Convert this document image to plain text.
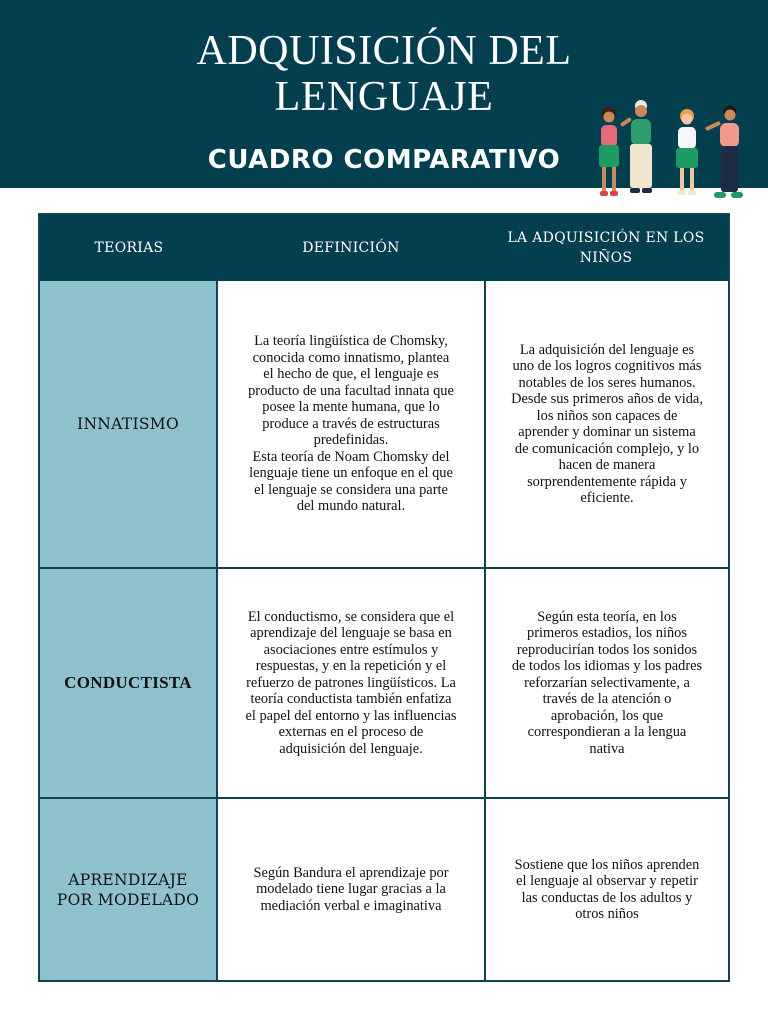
ADQUISICIÓN DEL
LENGUAJE
CUADRO COMPARATIVO
TEORIAS	DEFINICIÓN
LA ADQUISICIÓN EN LOS NIÑOS
INNATISMO
La teoría lingüística de Chomsky,
conocida como innatismo, plantea
el hecho de que, el lenguaje es
producto de una facultad innata que
posee la mente humana, que lo
produce a través de estructuras
predefinidas.
Esta teoría de Noam Chomsky del
lenguaje tiene un enfoque en el que
el lenguaje se considera una parte
del mundo natural.
La adquisición del lenguaje es
uno de los logros cognitivos más
notables de los seres humanos.
Desde sus primeros años de vida,
los niños son capaces de
aprender y dominar un sistema
de comunicación complejo, y lo
hacen de manera
sorprendentemente rápida y
eficiente.
CONDUCTISTA
El conductismo, se considera que el
aprendizaje del lenguaje se basa en
asociaciones entre estímulos y
respuestas, y en la repetición y el
refuerzo de patrones lingüísticos. La
teoría conductista también enfatiza
el papel del entorno y las influencias
externas en el proceso de
adquisición del lenguaje.
Según esta teoría, en los
primeros estadios, los niños
reproducirían todos los sonidos
de todos los idiomas y los padres
reforzarían selectivamente, a
través de la atención o
aprobación, los que
correspondieran a la lengua
nativa
APRENDIZAJE POR MODELADO
Según Bandura el aprendizaje por
modelado tiene lugar gracias a la
mediación verbal e imaginativa
Sostiene que los niños aprenden
el lenguaje al observar y repetir
las conductas de los adultos y
otros niños
